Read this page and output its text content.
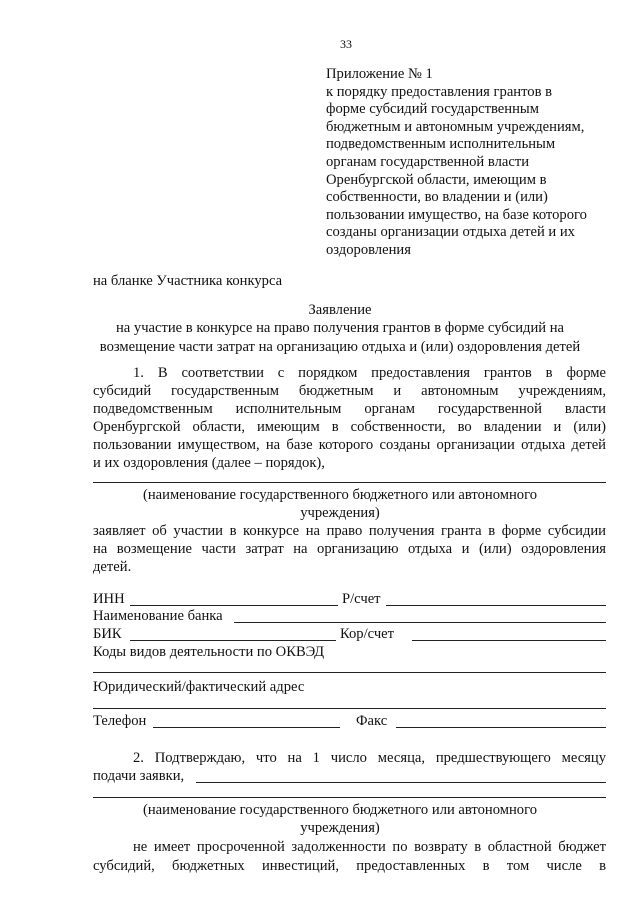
33
Приложение № 1
к порядку предоставления грантов в
форме субсидий государственным
бюджетным и автономным учреждениям,
подведомственным исполнительным
органам государственной власти
Оренбургской области, имеющим в
собственности, во владении и (или)
пользовании имущество, на базе которого
созданы организации отдыха детей и их
оздоровления
на бланке Участника конкурса
Заявление
на участие в конкурсе на право получения грантов в форме субсидий на
возмещение части затрат на организацию отдыха и (или) оздоровления детей
1. В соответствии с порядком предоставления грантов в форме
субсидий государственным бюджетным и автономным учреждениям,
подведомственным исполнительным органам государственной власти
Оренбургской области, имеющим в собственности, во владении и (или)
пользовании имуществом, на базе которого созданы организации отдыха детей
и их оздоровления (далее – порядок),
(наименование государственного бюджетного или автономного
учреждения)
заявляет об участии в конкурсе на право получения гранта в форме субсидии
на возмещение части затрат на организацию отдыха и (или) оздоровления
детей.
ИНН	Р/счет
Наименование банка
БИК	Кор/счет
Коды видов деятельности по ОКВЭД
Юридический/фактический адрес
Телефон	Факс
2. Подтверждаю, что на 1 число месяца, предшествующего месяцу
подачи заявки,
(наименование государственного бюджетного или автономного
учреждения)
не имеет просроченной задолженности по возврату в областной бюджет
субсидий, бюджетных инвестиций, предоставленных в том числе в
